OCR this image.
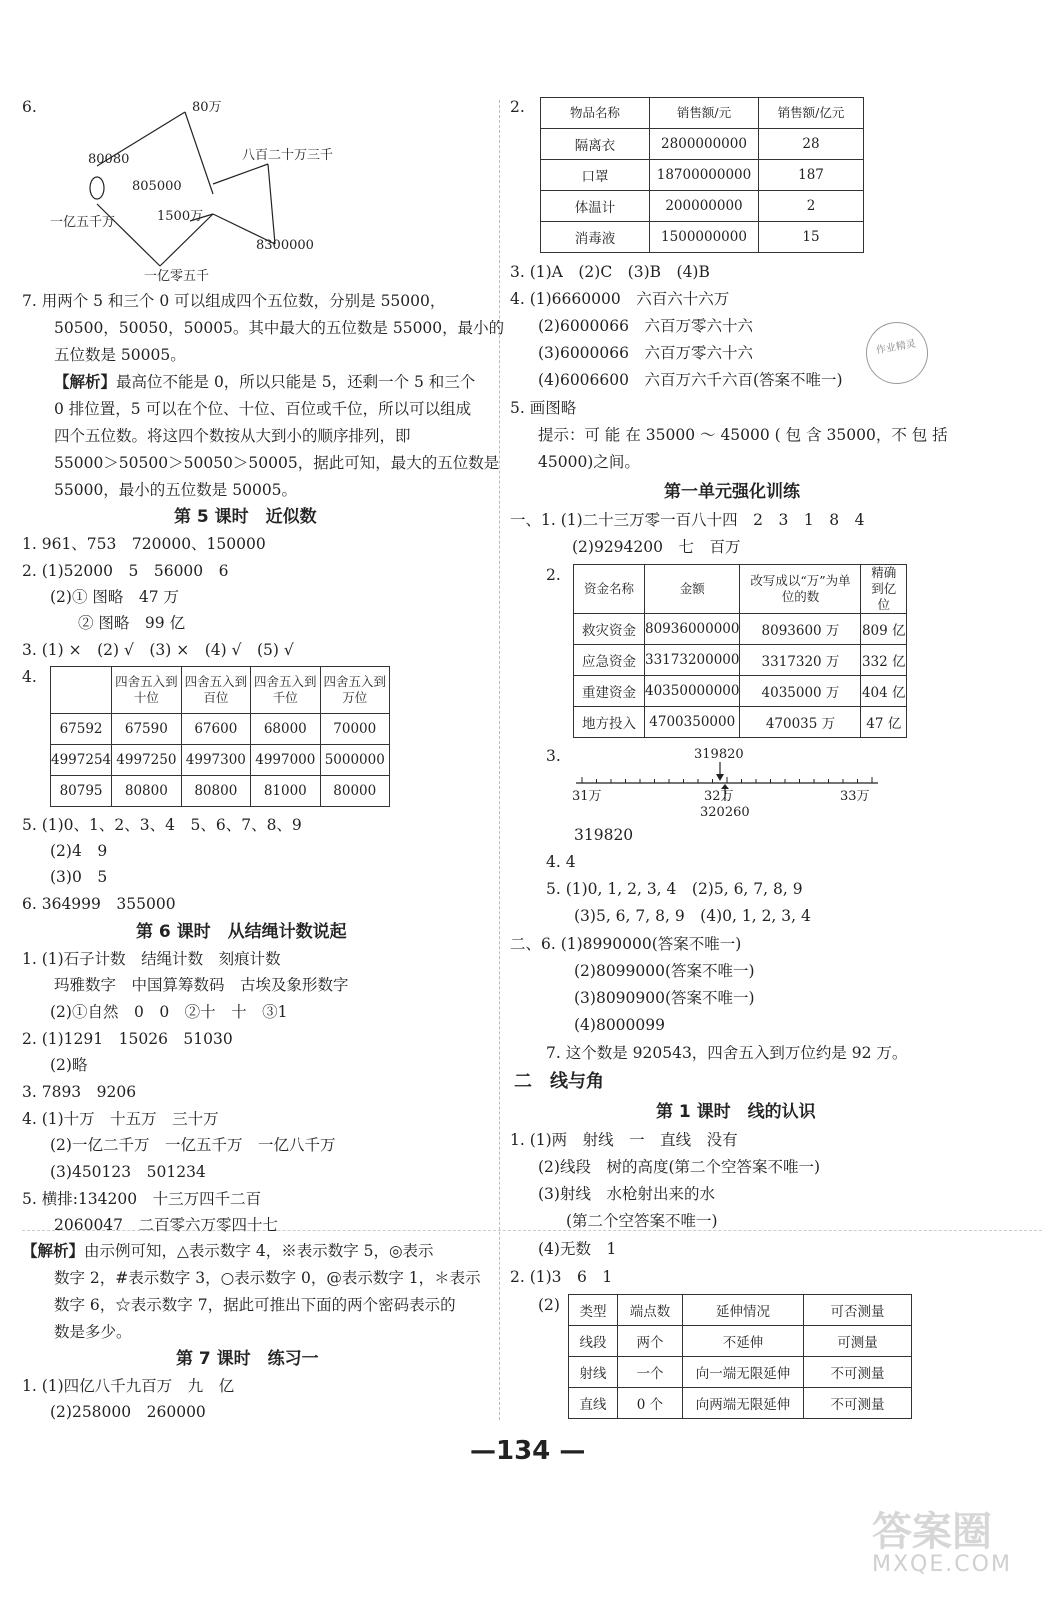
6.	80万
80080
805000
1500万
一亿五千万
一亿零五千
八百二十万三千
8300000
7. 用两个 5 和三个 0 可以组成四个五位数，分别是 55000，
50500，50050，50005。其中最大的五位数是 55000，最小的
五位数是 50005。
【解析】最高位不能是 0，所以只能是 5，还剩一个 5 和三个
0 排位置，5 可以在个位、十位、百位或千位，所以可以组成
四个五位数。将这四个数按从大到小的顺序排列，即
55000＞50500＞50050＞50005，据此可知，最大的五位数是
55000，最小的五位数是 50005。
第 5 课时　近似数
1. 961、753　720000、150000
2. (1)52000　5　56000　6
(2)① 图略　47 万
② 图略　99 亿
3. (1) ×　(2) √　(3) ×　(4) √　(5) √
4.
		四舍五入到十位	四舍五入到百位	四舍五入到千位	四舍五入到万位
67592	67590	67600	68000	70000
4997254	4997250	4997300	4997000	5000000
80795	80800	80800	81000	80000
5. (1)0、1、2、3、4　5、6、7、8、9
(2)4　9
(3)0　5
6. 364999　355000
第 6 课时　从结绳计数说起
1. (1)石子计数　结绳计数　刻痕计数
玛雅数字　中国算筹数码　古埃及象形数字
(2)①自然　0　0　②十　十　③1
2. (1)1291　15026　51030
(2)略
3. 7893　9206
4. (1)十万　十五万　三十万
(2)一亿二千万　一亿五千万　一亿八千万
(3)450123　501234
5. 横排:134200　十三万四千二百
2060047　二百零六万零四十七
【解析】由示例可知，△表示数字 4，※表示数字 5，◎表示
数字 2，#表示数字 3，○表示数字 0，@表示数字 1，＊表示
数字 6，☆表示数字 7，据此可推出下面的两个密码表示的
数是多少。
第 7 课时　练习一
1. (1)四亿八千九百万　九　亿
(2)258000　260000
2.	物品名称	销售额/元	销售额/亿元
隔离衣	2800000000	28
口罩	18700000000	187
体温计	200000000	2
消毒液	1500000000	15
3. (1)A　(2)C　(3)B　(4)B
4. (1)6660000　六百六十六万
(2)6000066　六百万零六十六
(3)6000066　六百万零六十六
(4)6006600　六百万六千六百(答案不唯一)
5. 画图略
提示：可 能 在 35000 ～ 45000 ( 包 含 35000，不 包 括
45000)之间。
第一单元强化训练
一、1. (1)二十三万零一百八十四　2　3　1　8　4
(2)9294200　七　百万
2.
资金名称	金额	改写成以“万”为单位的数	精确到亿位
救灾资金	80936000000	8093600 万	809 亿
应急资金	33173200000	3317320 万	332 亿
重建资金	40350000000	4035000 万	404 亿
地方投入	4700350000	470035 万	47 亿
3.	319820
31万	32万	33万
320260
319820
4. 4
5. (1)0, 1, 2, 3, 4　(2)5, 6, 7, 8, 9
(3)5, 6, 7, 8, 9　(4)0, 1, 2, 3, 4
二、6. (1)8990000(答案不唯一)
(2)8099000(答案不唯一)
(3)8090900(答案不唯一)
(4)8000099
7. 这个数是 920543，四舍五入到万位约是 92 万。
二　线与角
第 1 课时　线的认识
1. (1)两　射线　一　直线　没有
(2)线段　树的高度(第二个空答案不唯一)
(3)射线　水枪射出来的水
(第二个空答案不唯一)
(4)无数　1
2. (1)3　6　1
(2) 类型	端点数	延伸情况	可否测量
线段	两个	不延伸	可测量
射线	一个	向一端无限延伸	不可测量
直线	0 个	向两端无限延伸	不可测量
作业精灵
—134 —
答案圈
MXQE.COM
